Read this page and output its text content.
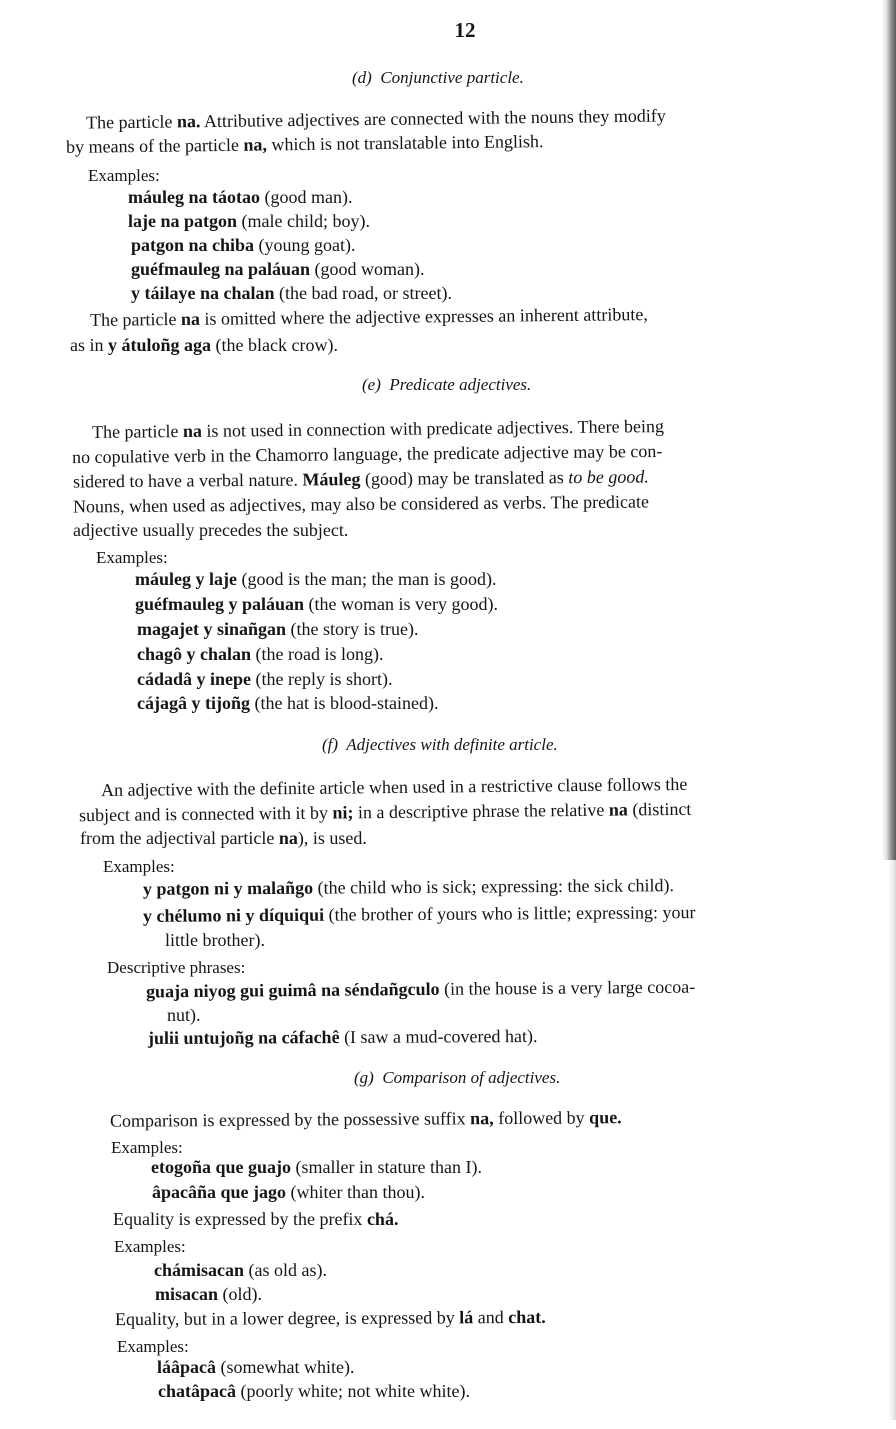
12
(d) Conjunctive particle.
The particle na. Attributive adjectives are connected with the nouns they modify
by means of the particle na, which is not translatable into English.
Examples:
máuleg na táotao (good man).
laje na patgon (male child; boy).
patgon na chiba (young goat).
guéfmauleg na paláuan (good woman).
y táilaye na chalan (the bad road, or street).
The particle na is omitted where the adjective expresses an inherent attribute,
as in y átuloñg aga (the black crow).
(e) Predicate adjectives.
The particle na is not used in connection with predicate adjectives. There being
no copulative verb in the Chamorro language, the predicate adjective may be con-
sidered to have a verbal nature. Máuleg (good) may be translated as to be good.
Nouns, when used as adjectives, may also be considered as verbs. The predicate
adjective usually precedes the subject.
Examples:
máuleg y laje (good is the man; the man is good).
guéfmauleg y paláuan (the woman is very good).
magajet y sinañgan (the story is true).
chagô y chalan (the road is long).
cádadâ y inepe (the reply is short).
cájagâ y tijoñg (the hat is blood-stained).
(f) Adjectives with definite article.
An adjective with the definite article when used in a restrictive clause follows the
subject and is connected with it by ni; in a descriptive phrase the relative na (distinct
from the adjectival particle na), is used.
Examples:
y patgon ni y malañgo (the child who is sick; expressing: the sick child).
y chélumo ni y díquiqui (the brother of yours who is little; expressing: your
little brother).
Descriptive phrases:
guaja niyog gui guimâ na séndañgculo (in the house is a very large cocoa-
nut).
julii untujoñg na cáfachê (I saw a mud-covered hat).
(g) Comparison of adjectives.
Comparison is expressed by the possessive suffix na, followed by que.
Examples:
etogoña que guajo (smaller in stature than I).
âpacâña que jago (whiter than thou).
Equality is expressed by the prefix chá.
Examples:
chámisacan (as old as).
misacan (old).
Equality, but in a lower degree, is expressed by lá and chat.
Examples:
láâpacâ (somewhat white).
chatâpacâ (poorly white; not white white).
